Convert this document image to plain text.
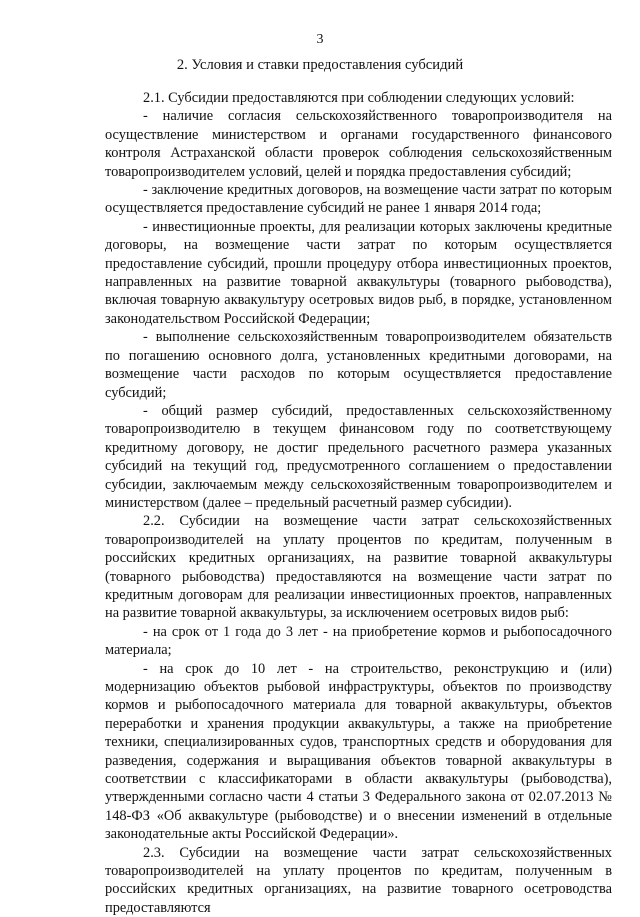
3
2. Условия и ставки предоставления субсидий

2.1. Субсидии предоставляются при соблюдении следующих условий:

- наличие согласия сельскохозяйственного товаропроизводителя на осуществление министерством и органами государственного финансового контроля Астраханской области проверок соблюдения сельскохозяйственным товаропроизводителем условий, целей и порядка предоставления субсидий;

- заключение кредитных договоров, на возмещение части затрат по которым осуществляется предоставление субсидий не ранее 1 января 2014 года;

- инвестиционные проекты, для реализации которых заключены кредитные договоры, на возмещение части затрат по которым осуществляется предоставление субсидий, прошли процедуру отбора инвестиционных проектов, направленных на развитие товарной аквакультуры (товарного рыбоводства), включая товарную аквакультуру осетровых видов рыб, в порядке, установленном законодательством Российской Федерации;

- выполнение сельскохозяйственным товаропроизводителем обязательств по погашению основного долга, установленных кредитными договорами, на возмещение части расходов по которым осуществляется предоставление субсидий;

- общий размер субсидий, предоставленных сельскохозяйственному товаропроизводителю в текущем финансовом году по соответствующему кредитному договору, не достиг предельного расчетного размера указанных субсидий на текущий год, предусмотренного соглашением о предоставлении субсидии, заключаемым между сельскохозяйственным товаропроизводителем и министерством (далее – предельный расчетный размер субсидии).

2.2. Субсидии на возмещение части затрат сельскохозяйственных товаропроизводителей на уплату процентов по кредитам, полученным в российских кредитных организациях, на развитие товарной аквакультуры (товарного рыбоводства) предоставляются на возмещение части затрат по кредитным договорам для реализации инвестиционных проектов, направленных на развитие товарной аквакультуры, за исключением осетровых видов рыб:

- на срок от 1 года до 3 лет - на приобретение кормов и рыбопосадочного материала;

- на срок до 10 лет - на строительство, реконструкцию и (или) модернизацию объектов рыбовой инфраструктуры, объектов по производству кормов и рыбопосадочного материала для товарной аквакультуры, объектов переработки и хранения продукции аквакультуры, а также на приобретение техники, специализированных судов, транспортных средств и оборудования для разведения, содержания и выращивания объектов товарной аквакультуры в соответствии с классификаторами в области аквакультуры (рыбоводства), утвержденными согласно части 4 статьи 3 Федерального закона от 02.07.2013 № 148-ФЗ «Об аквакультуре (рыбоводстве) и о внесении изменений в отдельные законодательные акты Российской Федерации».

2.3. Субсидии на возмещение части затрат сельскохозяйственных товаропроизводителей на уплату процентов по кредитам, полученным в российских кредитных организациях, на развитие товарного осетроводства предоставляются
